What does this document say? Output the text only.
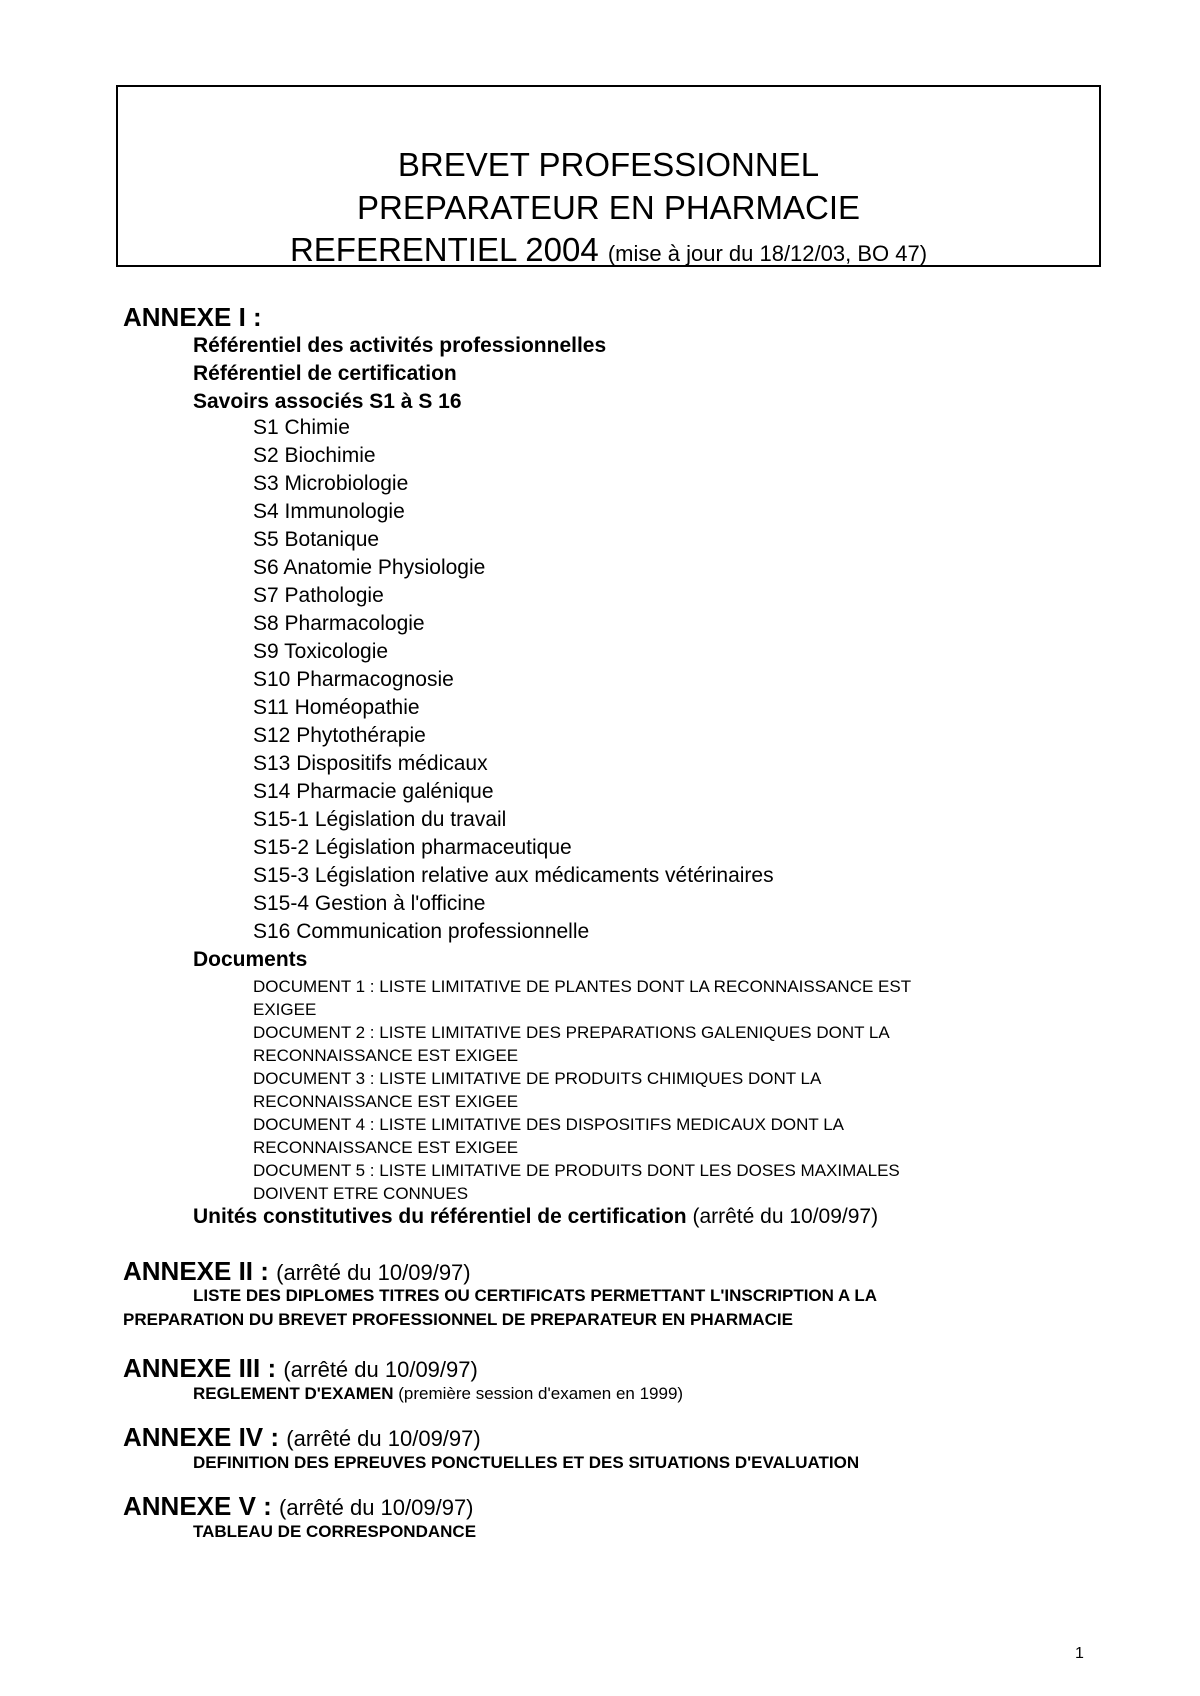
BREVET PROFESSIONNEL
PREPARATEUR EN PHARMACIE
REFERENTIEL 2004 (mise à jour du 18/12/03, BO 47)
ANNEXE I :
Référentiel des activités professionnelles
Référentiel de certification
Savoirs associés S1 à S 16
S1 Chimie
S2 Biochimie
S3 Microbiologie
S4 Immunologie
S5 Botanique
S6 Anatomie Physiologie
S7 Pathologie
S8 Pharmacologie
S9 Toxicologie
S10 Pharmacognosie
S11 Homéopathie
S12 Phytothérapie
S13 Dispositifs médicaux
S14 Pharmacie galénique
S15-1 Législation du travail
S15-2 Législation pharmaceutique
S15-3 Législation relative aux médicaments vétérinaires
S15-4 Gestion à l'officine
S16 Communication professionnelle
Documents
DOCUMENT 1 : LISTE LIMITATIVE DE PLANTES DONT LA RECONNAISSANCE EST
EXIGEE
DOCUMENT 2 : LISTE LIMITATIVE DES PREPARATIONS GALENIQUES DONT LA
RECONNAISSANCE EST EXIGEE
DOCUMENT 3 : LISTE LIMITATIVE DE PRODUITS CHIMIQUES DONT LA
RECONNAISSANCE EST EXIGEE
DOCUMENT 4 : LISTE LIMITATIVE DES DISPOSITIFS MEDICAUX DONT LA
RECONNAISSANCE EST EXIGEE
DOCUMENT 5 : LISTE LIMITATIVE DE PRODUITS DONT LES DOSES MAXIMALES
DOIVENT ETRE CONNUES
Unités constitutives du référentiel de certification (arrêté du 10/09/97)
ANNEXE II : (arrêté du 10/09/97)
LISTE DES DIPLOMES TITRES OU CERTIFICATS PERMETTANT L'INSCRIPTION A LA
PREPARATION DU BREVET PROFESSIONNEL DE PREPARATEUR EN PHARMACIE
ANNEXE III : (arrêté du 10/09/97)
REGLEMENT D'EXAMEN (première session d'examen en 1999)
ANNEXE IV : (arrêté du 10/09/97)
DEFINITION DES EPREUVES PONCTUELLES ET DES SITUATIONS D'EVALUATION
ANNEXE V : (arrêté du 10/09/97)
TABLEAU DE CORRESPONDANCE
1
